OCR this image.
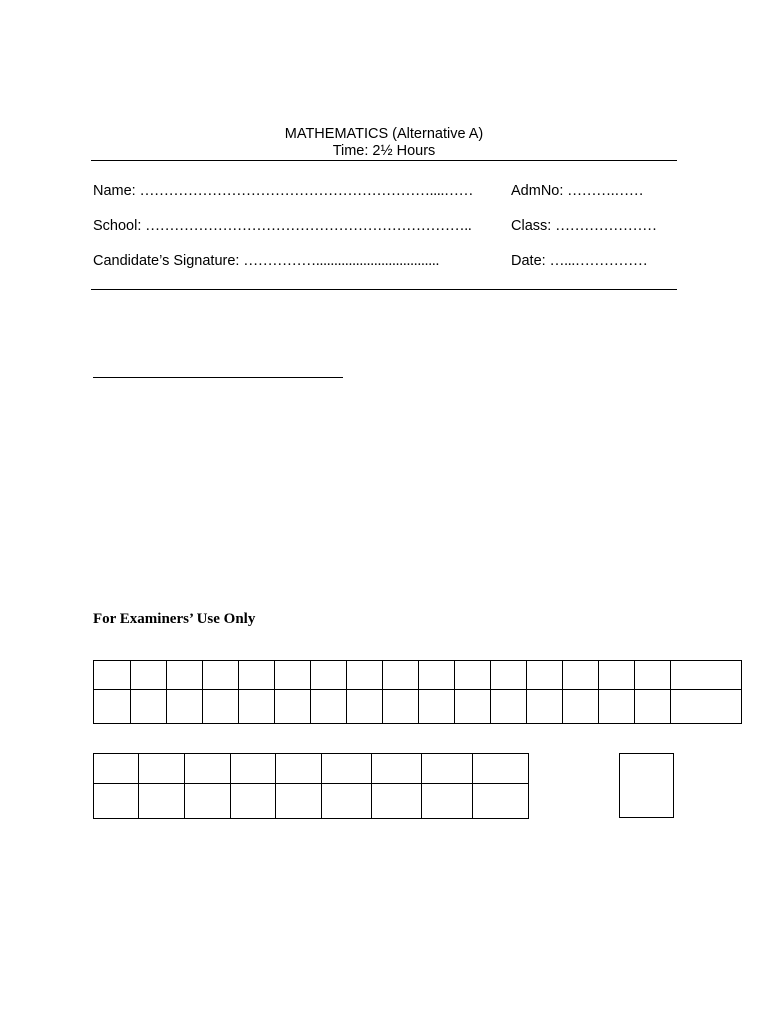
MATHEMATICS (Alternative A)
Time: 2½ Hours
Name: ……………………………………………………....……	AdmNo: ……….……
School: …………………………………………………………..	Class: …………………
Candidate’s Signature: ……………..................................	Date: …...……………
For Examiners’ Use Only
